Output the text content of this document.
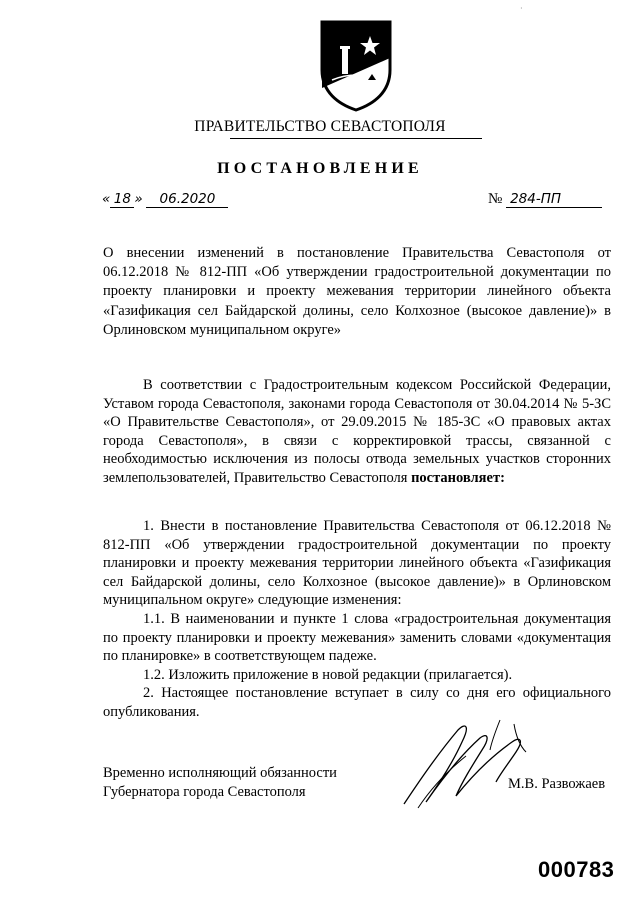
·
ПРАВИТЕЛЬСТВО СЕВАСТОПОЛЯ
ПОСТАНОВЛЕНИЕ
« 18 » 06.2020	№ 284-ПП
О внесении изменений в постановление Правительства Севастополя от 06.12.2018 № 812-ПП «Об утверждении градостроительной документации по проекту планировки и проекту межевания территории линейного объекта «Газификация сел Байдарской долины, село Колхозное (высокое давление)» в Орлиновском муниципальном округе»

В соответствии с Градостроительным кодексом Российской Федерации, Уставом города Севастополя, законами города Севастополя от 30.04.2014 № 5-ЗС «О Правительстве Севастополя», от 29.09.2015 № 185-ЗС «О правовых актах города Севастополя», в связи с корректировкой трассы, связанной с необходимостью исключения из полосы отвода земельных участков сторонних землепользователей, Правительство Севастополя постановляет:

1. Внести в постановление Правительства Севастополя от 06.12.2018 № 812-ПП «Об утверждении градостроительной документации по проекту планировки и проекту межевания территории линейного объекта «Газификация сел Байдарской долины, село Колхозное (высокое давление)» в Орлиновском муниципальном округе» следующие изменения:

1.1. В наименовании и пункте 1 слова «градостроительная документация по проекту планировки и проекту межевания» заменить словами «документация по планировке» в соответствующем падеже.

1.2. Изложить приложение в новой редакции (прилагается).

2. Настоящее постановление вступает в силу со дня его официального опубликования.

Временно исполняющий обязанности
Губернатора города Севастополя	М.В. Развожаев
000783
